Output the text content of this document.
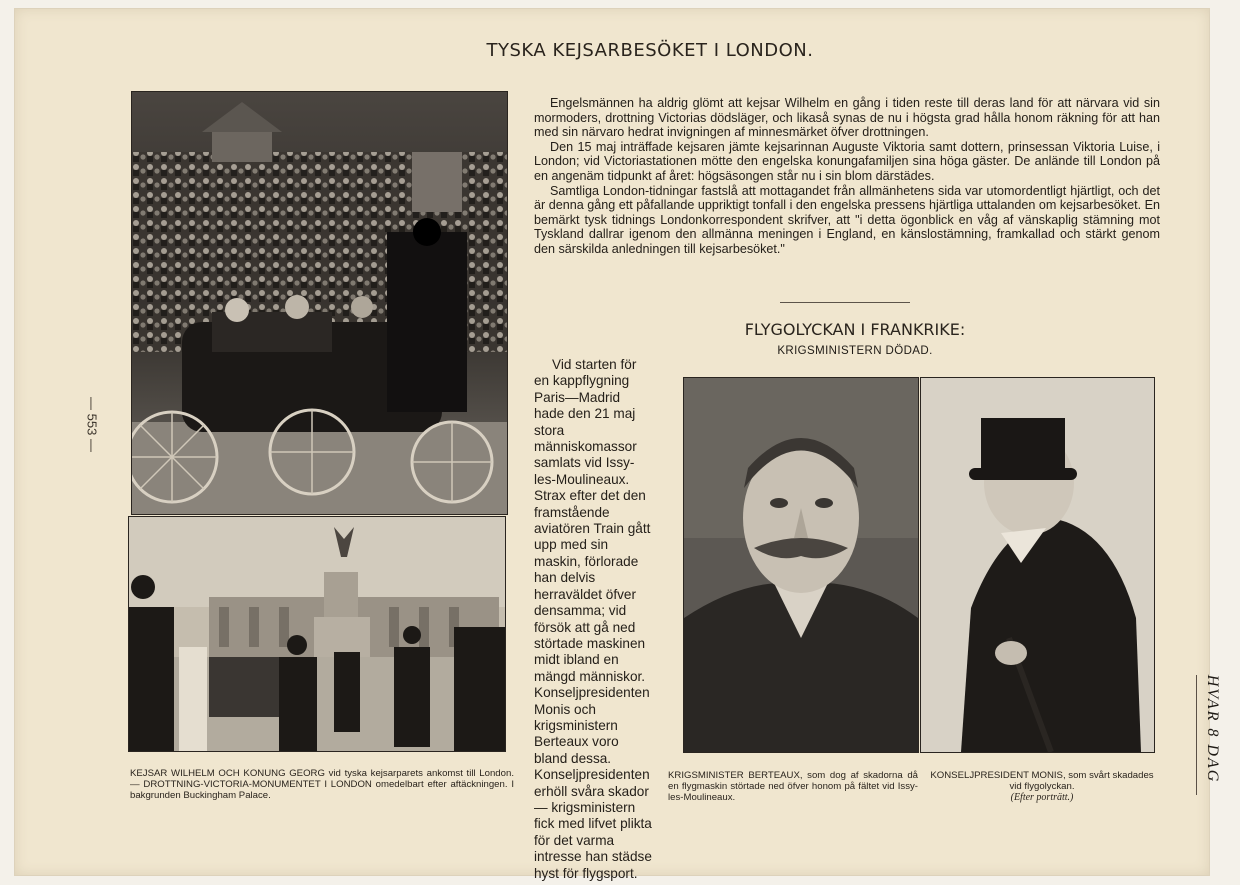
TYSKA KEJSARBESÖKET I LONDON.
— 553 —
HVAR 8 DAG

Engelsmännen ha aldrig glömt att kejsar Wilhelm en gång i tiden reste till deras land för att närvara vid sin mormoders, drottning Victorias dödsläger, och likaså synas de nu i högsta grad hålla honom räkning för att han med sin närvaro hedrat invigningen af minnesmärket öfver drottningen.

Den 15 maj inträffade kejsaren jämte kejsarinnan Auguste Viktoria samt dottern, prinsessan Viktoria Luise, i London; vid Victoriastationen mötte den engelska konungafamiljen sina höga gäster. De anlände till London på en angenäm tidpunkt af året: högsäsongen står nu i sin blom därstädes.

Samtliga London-tidningar fastslå att mottagandet från allmänhetens sida var utomordentligt hjärtligt, och det är denna gång ett påfallande uppriktigt tonfall i den engelska pressens hjärtliga uttalanden om kejsarbesöket. En bemärkt tysk tidnings Londonkorrespondent skrifver, att "i detta ögonblick en våg af vänskaplig stämning mot Tyskland dallrar igenom den allmänna meningen i England, en känslostämning, framkallad och stärkt genom den särskilda anledningen till kejsarbesöket."

FLYGOLYCKAN I FRANKRIKE:
KRIGSMINISTERN DÖDAD.

Vid starten för en kappflygning Paris—Madrid hade den 21 maj stora människomassor samlats vid Issy-les-Moulineaux. Strax efter det den framstående aviatören Train gått upp med sin maskin, förlorade han delvis herraväldet öfver densamma; vid försök att gå ned störtade maskinen midt ibland en mängd människor. Konseljpresidenten Monis och krigsministern Berteaux voro bland dessa. Konseljpresidenten erhöll svåra skador — krigsministern fick med lifvet plikta för det varma intresse han städse hyst för flygsport.

KEJSAR WILHELM OCH KONUNG GEORG vid tyska kejsarparets ankomst till London. — DROTTNING-VICTORIA-MONUMENTET I LONDON omedelbart efter aftäckningen. I bakgrunden Buckingham Palace.
KRIGSMINISTER BERTEAUX, som dog af skadorna då en flygmaskin störtade ned öfver honom på fältet vid Issy-les-Moulineaux.
KONSELJPRESIDENT MONIS, som svårt skadades vid flygolyckan.
(Efter porträtt.)
